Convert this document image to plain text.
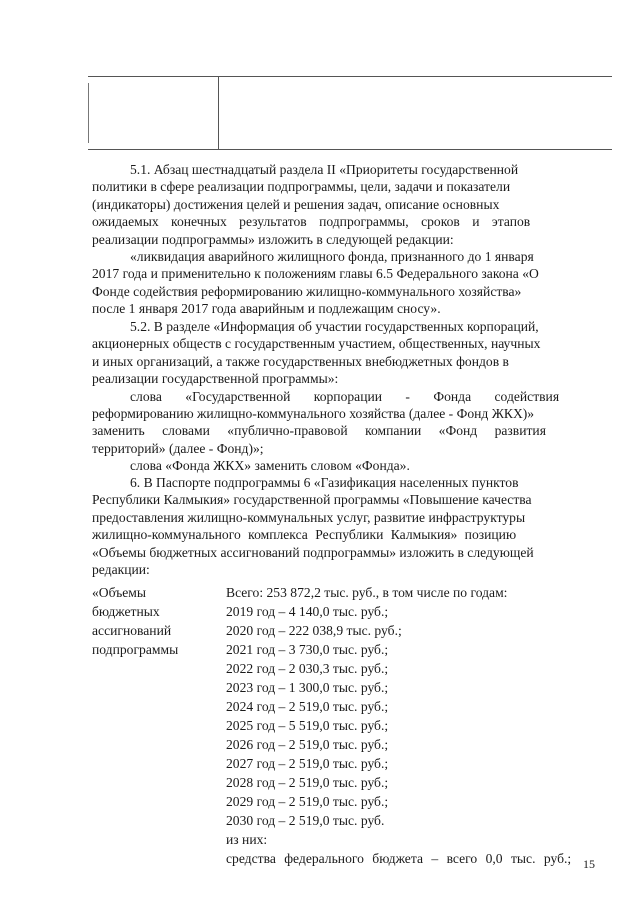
5.1. Абзац шестнадцатый раздела II «Приоритеты государственной
политики в сфере реализации подпрограммы, цели, задачи и показатели
(индикаторы) достижения целей и решения задач, описание основных
ожидаемых конечных результатов подпрограммы, сроков и этапов
реализации подпрограммы» изложить в следующей редакции:
«ликвидация аварийного жилищного фонда, признанного до 1 января
2017 года и применительно к положениям главы 6.5 Федерального закона «О
Фонде содействия реформированию жилищно-коммунального хозяйства»
после 1 января 2017 года аварийным и подлежащим сносу».
5.2. В разделе «Информация об участии государственных корпораций,
акционерных обществ с государственным участием, общественных, научных
и иных организаций, а также государственных внебюджетных фондов в
реализации государственной программы»:
слова «Государственной корпорации - Фонда содействия
реформированию жилищно-коммунального хозяйства (далее - Фонд ЖКХ)»
заменить словами «публично-правовой компании «Фонд развития
территорий» (далее - Фонд)»;
слова «Фонда ЖКХ» заменить словом «Фонда».
6. В Паспорте подпрограммы 6 «Газификация населенных пунктов
Республики Калмыкия» государственной программы «Повышение качества
предоставления жилищно-коммунальных услуг, развитие инфраструктуры
жилищно-коммунального комплекса Республики Калмыкия» позицию
«Объемы бюджетных ассигнований подпрограммы» изложить в следующей
редакции:
«Объемы
бюджетных
ассигнований
подпрограммы
Всего: 253 872,2 тыс. руб., в том числе по годам:
2019 год – 4 140,0 тыс. руб.;
2020 год – 222 038,9 тыс. руб.;
2021 год – 3 730,0 тыс. руб.;
2022 год – 2 030,3 тыс. руб.;
2023 год – 1 300,0 тыс. руб.;
2024 год – 2 519,0 тыс. руб.;
2025 год – 5 519,0 тыс. руб.;
2026 год – 2 519,0 тыс. руб.;
2027 год – 2 519,0 тыс. руб.;
2028 год – 2 519,0 тыс. руб.;
2029 год – 2 519,0 тыс. руб.;
2030 год – 2 519,0 тыс. руб.
из них:
средства федерального бюджета – всего 0,0 тыс. руб.; 15
